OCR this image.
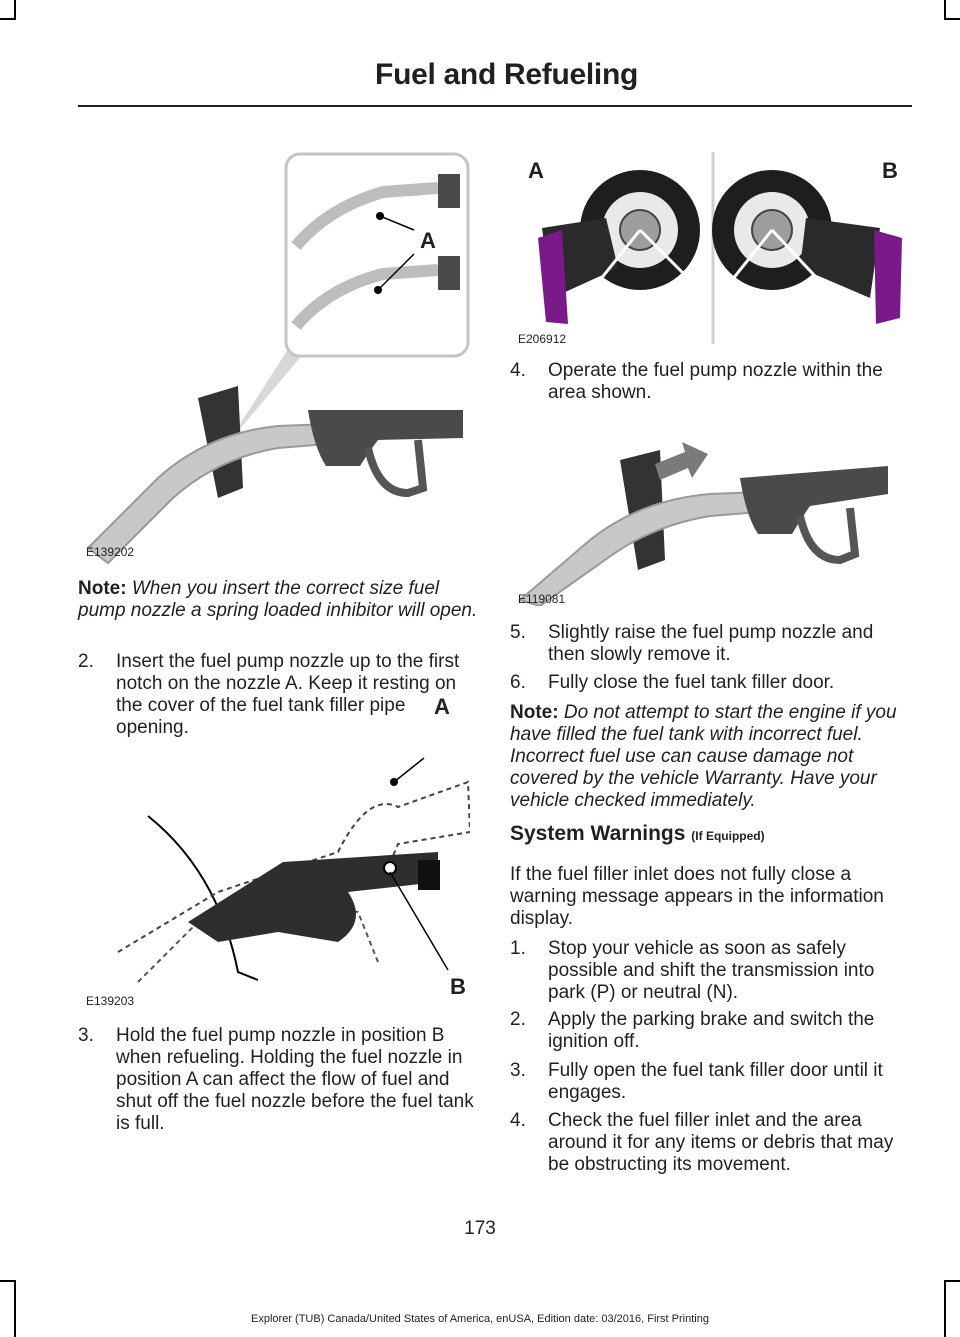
Fuel and Refueling
A
E139202
Note: When you insert the correct size fuel pump nozzle a spring loaded inhibitor will open.
2. Insert the fuel pump nozzle up to the first notch on the nozzle A. Keep it resting on the cover of the fuel tank filler pipe opening.
A
B
E139203
3. Hold the fuel pump nozzle in position B when refueling. Holding the fuel nozzle in position A can affect the flow of fuel and shut off the fuel nozzle before the fuel tank is full.
A	B
E206912
4. Operate the fuel pump nozzle within the area shown.
E119081
5. Slightly raise the fuel pump nozzle and then slowly remove it.
6. Fully close the fuel tank filler door.
Note: Do not attempt to start the engine if you have filled the fuel tank with incorrect fuel. Incorrect fuel use can cause damage not covered by the vehicle Warranty. Have your vehicle checked immediately.
System Warnings (If Equipped)
If the fuel filler inlet does not fully close a warning message appears in the information display.
1. Stop your vehicle as soon as safely possible and shift the transmission into park (P) or neutral (N).
2. Apply the parking brake and switch the ignition off.
3. Fully open the fuel tank filler door until it engages.
4. Check the fuel filler inlet and the area around it for any items or debris that may be obstructing its movement.
173
Explorer (TUB) Canada/United States of America, enUSA, Edition date: 03/2016, First Printing
